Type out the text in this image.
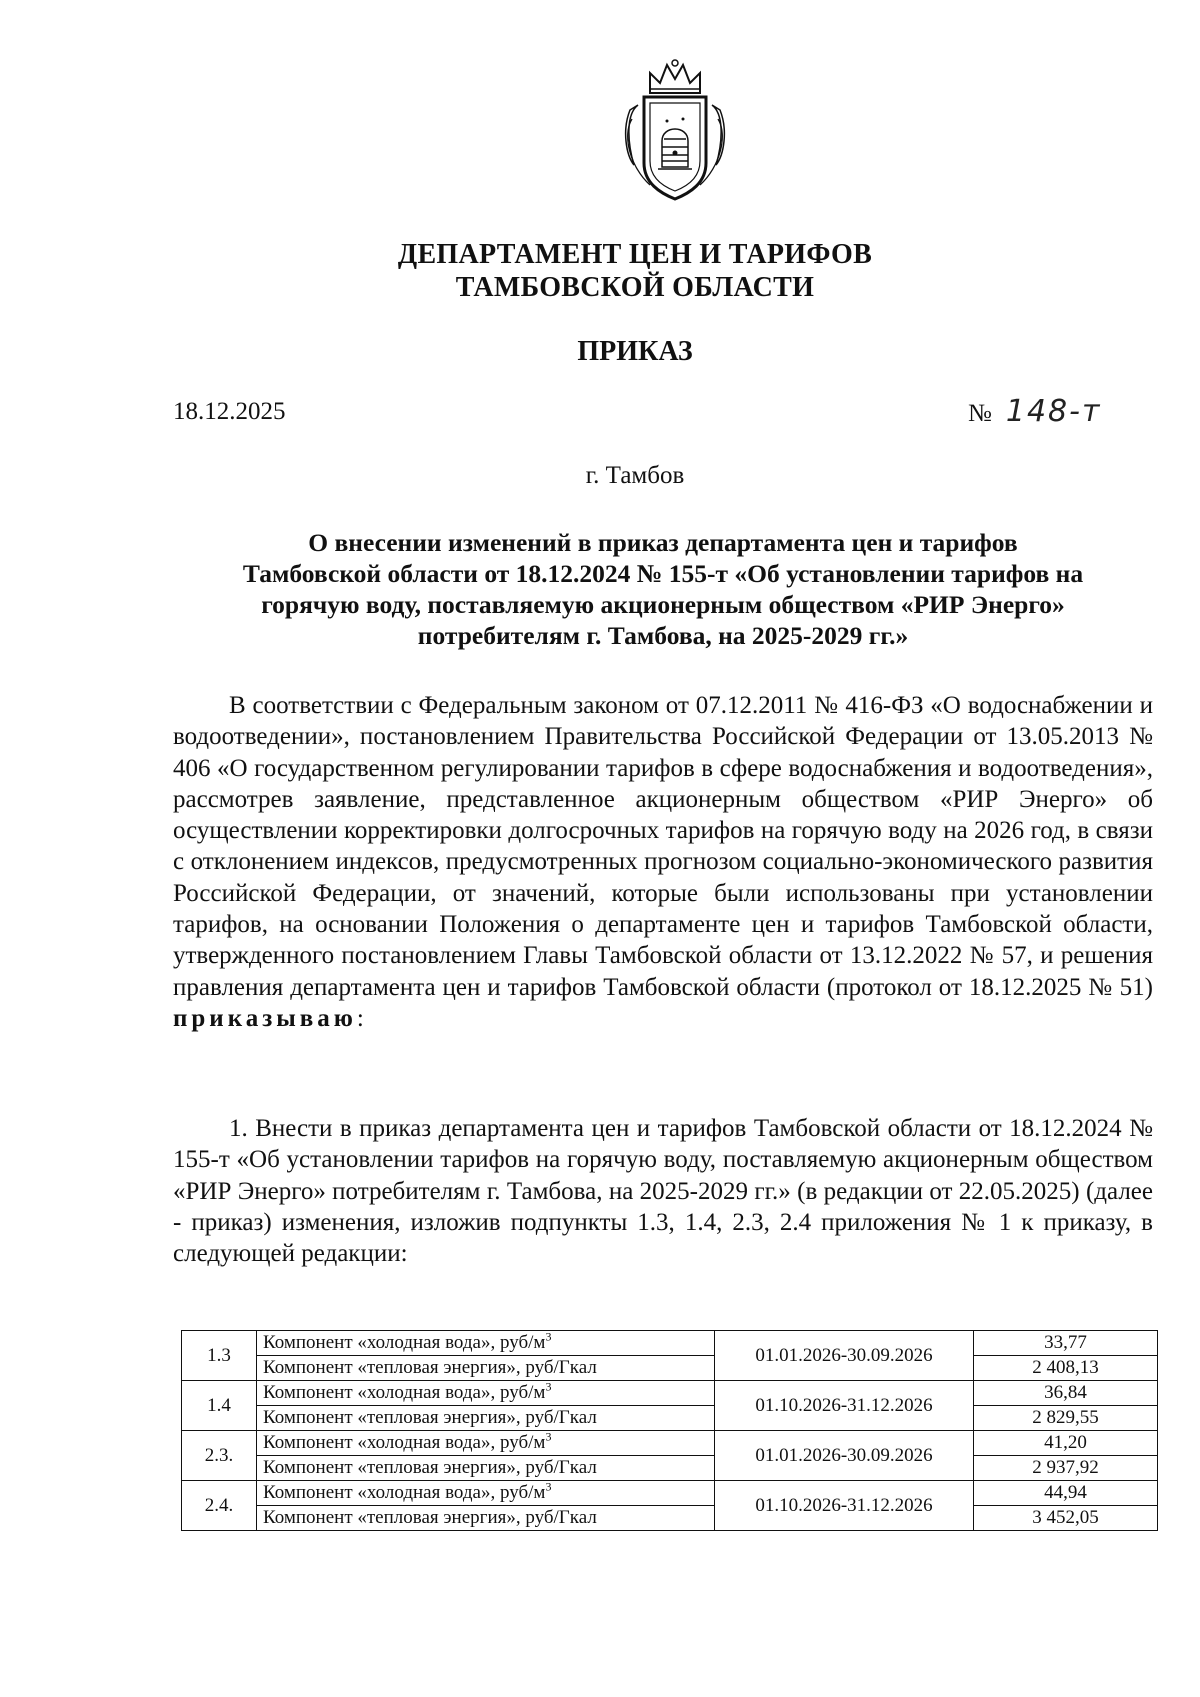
ДЕПАРТАМЕНТ ЦЕН И ТАРИФОВ
ТАМБОВСКОЙ ОБЛАСТИ
ПРИКАЗ
18.12.2025	№ 148-т
г. Тамбов
О внесении изменений в приказ департамента цен и тарифов
Тамбовской области от 18.12.2024 № 155-т «Об установлении тарифов на
горячую воду, поставляемую акционерным обществом «РИР Энерго»
потребителям г. Тамбова, на 2025-2029 гг.»
В соответствии с Федеральным законом от 07.12.2011 № 416-ФЗ «О водоснабжении и водоотведении», постановлением Правительства Российской Федерации от 13.05.2013 № 406 «О государственном регулировании тарифов в сфере водоснабжения и водоотведения», рассмотрев заявление, представленное акционерным обществом «РИР Энерго» об осуществлении корректировки долгосрочных тарифов на горячую воду на 2026 год, в связи с отклонением индексов, предусмотренных прогнозом социально-экономического развития Российской Федерации, от значений, которые были использованы при установлении тарифов, на основании Положения о департаменте цен и тарифов Тамбовской области, утвержденного постановлением Главы Тамбовской области от 13.12.2022 № 57, и решения правления департамента цен и тарифов Тамбовской области (протокол от 18.12.2025 № 51) приказываю:
1. Внести в приказ департамента цен и тарифов Тамбовской области от 18.12.2024 № 155-т «Об установлении тарифов на горячую воду, поставляемую акционерным обществом «РИР Энерго» потребителям г. Тамбова, на 2025-2029 гг.» (в редакции от 22.05.2025) (далее - приказ) изменения, изложив подпункты 1.3, 1.4, 2.3, 2.4 приложения № 1 к приказу, в следующей редакции:
1.3	Компонент «холодная вода», руб/$м^3$	01.01.2026-30.09.2026	33,77
	Компонент «тепловая энергия», руб/Гкал		2 408,13
1.4	Компонент «холодная вода», руб/$м^3$	01.10.2026-31.12.2026	36,84
	Компонент «тепловая энергия», руб/Гкал		2 829,55
2.3.	Компонент «холодная вода», руб/$м^3$	01.01.2026-30.09.2026	41,20
	Компонент «тепловая энергия», руб/Гкал		2 937,92
2.4.	Компонент «холодная вода», руб/$м^3$	01.10.2026-31.12.2026	44,94
	Компонент «тепловая энергия», руб/Гкал		3 452,05
